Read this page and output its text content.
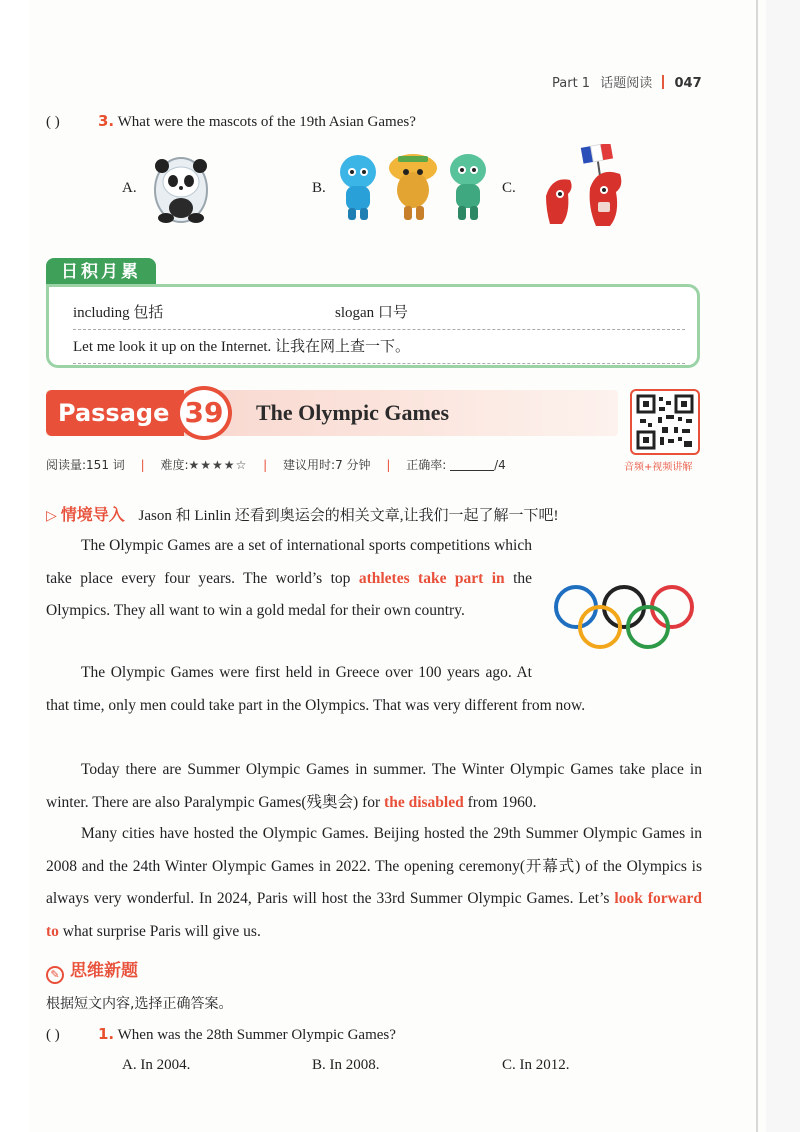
Part 1 话题阅读 047
( )	3. What were the mascots of the 19th Asian Games?
A.	B.	C.
日积月累
including 包括	slogan 口号
Let me look it up on the Internet. 让我在网上查一下。
Passage 39	The Olympic Games
音频+视频讲解
阅读量:151 词 | 难度:★★★★☆ | 建议用时:7 分钟 | 正确率:	/4
▷ 情境导入 Jason 和 Linlin 还看到奥运会的相关文章,让我们一起了解一下吧!
The Olympic Games are a set of international sports competitions which take place every four years. The world’s top athletes take part in the Olympics. They all want to win a gold medal for their own country.
The Olympic Games were first held in Greece over 100 years ago. At that time, only men could take part in the Olympics. That was very different from now.
Today there are Summer Olympic Games in summer. The Winter Olympic Games take place in winter. There are also Paralympic Games(残奥会) for the disabled from 1960.
Many cities have hosted the Olympic Games. Beijing hosted the 29th Summer Olympic Games in 2008 and the 24th Winter Olympic Games in 2022. The opening ceremony(开幕式) of the Olympics is always very wonderful. In 2024, Paris will host the 33rd Summer Olympic Games. Let’s look forward to what surprise Paris will give us.
✎ 思维新题
根据短文内容,选择正确答案。
( )	1. When was the 28th Summer Olympic Games?
A. In 2004.	B. In 2008.	C. In 2012.
